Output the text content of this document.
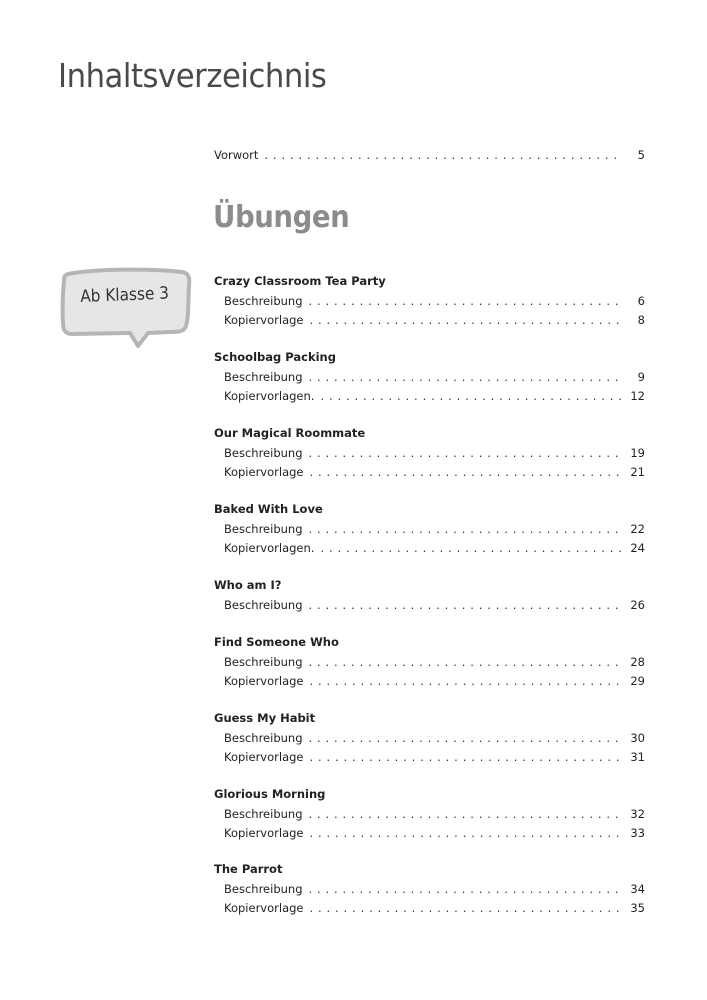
Inhaltsverzeichnis
Vorwort . . .	5
Übungen
Ab Klasse 3
Crazy Classroom Tea Party
Beschreibung . . .	6
Kopiervorlage . . .	8
Schoolbag Packing
Beschreibung . . .	9
Kopiervorlagen. . . .	12
Our Magical Roommate
Beschreibung . . .	19
Kopiervorlage . . .	21
Baked With Love
Beschreibung . . .	22
Kopiervorlagen. . . .	24
Who am I?
Beschreibung . . .	26
Find Someone Who
Beschreibung . . .	28
Kopiervorlage . . .	29
Guess My Habit
Beschreibung . . .	30
Kopiervorlage . . .	31
Glorious Morning
Beschreibung . . .	32
Kopiervorlage . . .	33
The Parrot
Beschreibung . . .	34
Kopiervorlage . . .	35
